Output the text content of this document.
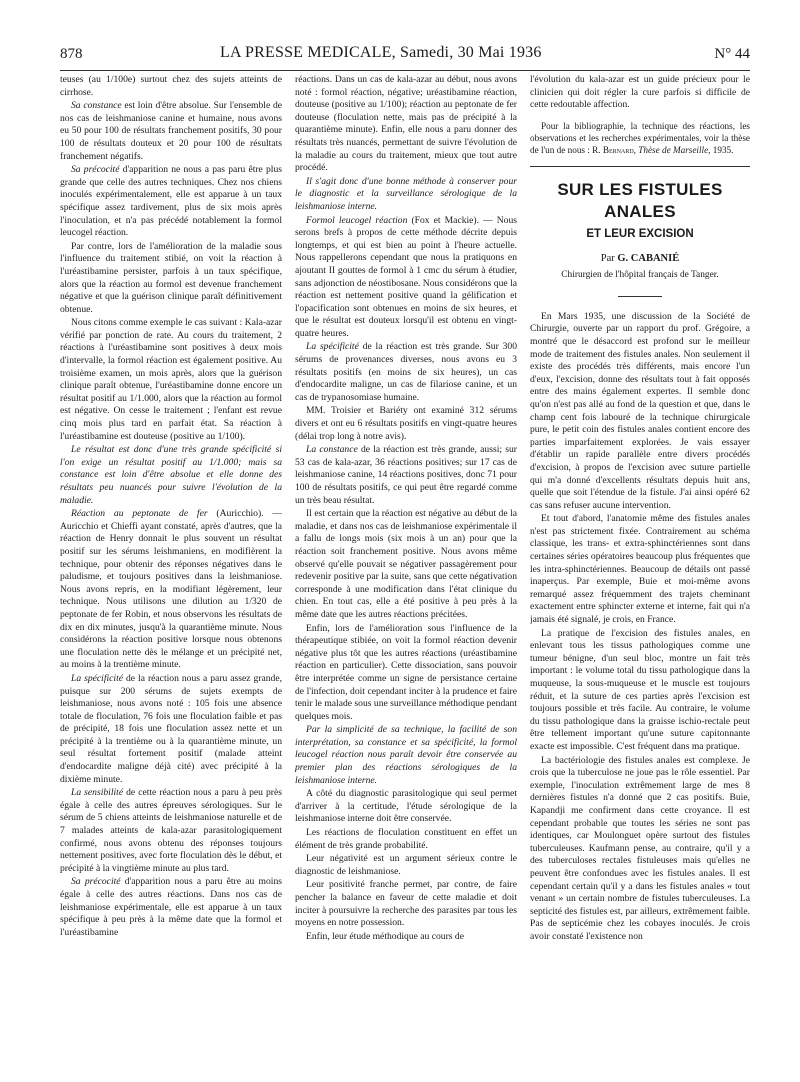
878	LA PRESSE MEDICALE, Samedi, 30 Mai 1936	N° 44

teuses (au 1/100e) surtout chez des sujets atteints de cirrhose.

Sa constance est loin d'être absolue. Sur l'ensemble de nos cas de leishmaniose canine et humaine, nous avons eu 50 pour 100 de résultats franchement positifs, 30 pour 100 de résultats douteux et 20 pour 100 de résultats franchement négatifs.

Sa précocité d'apparition ne nous a pas paru être plus grande que celle des autres techniques. Chez nos chiens inoculés expérimentalement, elle est apparue à un taux spécifique assez tardivement, plus de six mois après l'inoculation, et n'a pas précédé notablement la formol leucogel réaction.

Par contre, lors de l'amélioration de la maladie sous l'influence du traitement stibié, on voit la réaction à l'uréastibamine persister, parfois à un taux spécifique, alors que la réaction au formol est devenue franchement négative et que la guérison clinique paraît définitivement obtenue.

Nous citons comme exemple le cas suivant : Kala-azar vérifié par ponction de rate. Au cours du traitement, 2 réactions à l'uréastibamine sont positives à deux mois d'intervalle, la formol réaction est également positive. Au troisième examen, un mois après, alors que la guérison clinique paraît obtenue, l'uréastibamine donne encore un résultat positif au 1/1.000, alors que la réaction au formol est négative. On cesse le traitement ; l'enfant est revue cinq mois plus tard en parfait état. Sa réaction à l'uréastibamine est douteuse (positive au 1/100).

Le résultat est donc d'une très grande spécificité si l'on exige un résultat positif au 1/1.000; mais sa constance est loin d'être absolue et elle donne des résultats peu nuancés pour suivre l'évolution de la maladie.

Réaction au peptonate de fer (Auricchio). — Auricchio et Chieffi ayant constaté, après d'autres, que la réaction de Henry donnait le plus souvent un résultat positif sur les sérums leishmaniens, en modifièrent la technique, pour obtenir des réponses négatives dans le paludisme, et toujours positives dans la leishmaniose. Nous avons repris, en la modifiant légèrement, leur technique. Nous utilisons une dilution au 1/320 de peptonate de fer Robin, et nous observons les résultats de dix en dix minutes, jusqu'à la quarantième minute. Nous considérons la réaction positive lorsque nous obtenons une floculation nette dès le mélange et un précipité net, au moins à la trentième minute.

La spécificité de la réaction nous a paru assez grande, puisque sur 200 sérums de sujets exempts de leishmaniose, nous avons noté : 105 fois une absence totale de floculation, 76 fois une floculation faible et pas de précipité, 18 fois une floculation assez nette et un précipité à la trentième ou à la quarantième minute, un seul résultat fortement positif (malade atteint d'endocardite maligne déjà cité) avec précipité à la dixième minute.

La sensibilité de cette réaction nous a paru à peu près égale à celle des autres épreuves sérologiques. Sur le sérum de 5 chiens atteints de leishmaniose naturelle et de 7 malades atteints de kala-azar parasitologiquement confirmé, nous avons obtenu des réponses toujours nettement positives, avec forte floculation dès le début, et précipité à la vingtième minute au plus tard.

Sa précocité d'apparition nous a paru être au moins égale à celle des autres réactions. Dans nos cas de leishmaniose expérimentale, elle est apparue à un taux spécifique à peu près à la même date que la formol et l'uréastibamine

réactions. Dans un cas de kala-azar au début, nous avons noté : formol réaction, négative; uréastibamine réaction, douteuse (positive au 1/100); réaction au peptonate de fer douteuse (floculation nette, mais pas de précipité à la quarantième minute). Enfin, elle nous a paru donner des résultats très nuancés, permettant de suivre l'évolution de la maladie au cours du traitement, mieux que tout autre procédé.

Il s'agit donc d'une bonne méthode à conserver pour le diagnostic et la surveillance sérologique de la leishmaniose interne.

Formol leucogel réaction (Fox et Mackie). — Nous serons brefs à propos de cette méthode décrite depuis longtemps, et qui est bien au point à l'heure actuelle. Nous rappellerons cependant que nous la pratiquons en ajoutant II gouttes de formol à 1 cmc du sérum à étudier, sans adjonction de néostibosane. Nous considérons que la réaction est nettement positive quand la gélification et l'opacification sont obtenues en moins de six heures, et que le résultat est douteux lorsqu'il est obtenu en vingt-quatre heures.

La spécificité de la réaction est très grande. Sur 300 sérums de provenances diverses, nous avons eu 3 résultats positifs (en moins de six heures), un cas d'endocardite maligne, un cas de filariose canine, et un cas de trypanosomiase humaine.

MM. Troisier et Bariéty ont examiné 312 sérums divers et ont eu 6 résultats positifs en vingt-quatre heures (délai trop long à notre avis).

La constance de la réaction est très grande, aussi; sur 53 cas de kala-azar, 36 réactions positives; sur 17 cas de leishmaniose canine, 14 réactions positives, donc 71 pour 100 de résultats positifs, ce qui peut être regardé comme un très beau résultat.

Il est certain que la réaction est négative au début de la maladie, et dans nos cas de leishmaniose expérimentale il a fallu de longs mois (six mois à un an) pour que la réaction soit franchement positive. Nous avons même observé qu'elle pouvait se négativer passagèrement pour redevenir positive par la suite, sans que cette négativation corresponde à une modification dans l'état clinique du chien. En tout cas, elle a été positive à peu près à la même date que les autres réactions précitées.

Enfin, lors de l'amélioration sous l'influence de la thérapeutique stibiée, on voit la formol réaction devenir négative plus tôt que les autres réactions (uréastibamine réaction en particulier). Cette dissociation, sans pouvoir être interprétée comme un signe de persistance certaine de l'infection, doit cependant inciter à la prudence et faire tenir le malade sous une surveillance méthodique pendant quelques mois.

Par la simplicité de sa technique, la facilité de son interprétation, sa constance et sa spécificité, la formol leucogel réaction nous paraît devoir être conservée au premier plan des réactions sérologiques de la leishmaniose interne.

A côté du diagnostic parasitologique qui seul permet d'arriver à la certitude, l'étude sérologique de la leishmaniose interne doit être conservée.

Les réactions de floculation constituent en effet un élément de très grande probabilité.

Leur négativité est un argument sérieux contre le diagnostic de leishmaniose.

Leur positivité franche permet, par contre, de faire pencher la balance en faveur de cette maladie et doit inciter à poursuivre la recherche des parasites par tous les moyens en notre possession.

Enfin, leur étude méthodique au cours de

l'évolution du kala-azar est un guide précieux pour le clinicien qui doit régler la cure parfois si difficile de cette redoutable affection.

Pour la bibliographie, la technique des réactions, les observations et les recherches expérimentales, voir la thèse de l'un de nous : R. Bernard, Thèse de Marseille, 1935.

SUR LES FISTULES ANALES
ET LEUR EXCISION
Par G. CABANIÉ
Chirurgien de l'hôpital français de Tanger.

En Mars 1935, une discussion de la Société de Chirurgie, ouverte par un rapport du prof. Grégoire, a montré que le désaccord est profond sur le meilleur mode de traitement des fistules anales. Non seulement il existe des procédés très différents, mais encore l'un d'eux, l'excision, donne des résultats tout à fait opposés entre des mains également expertes. Il semble donc qu'on n'est pas allé au fond de la question et que, dans le champ cent fois labouré de la technique chirurgicale pure, le petit coin des fistules anales contient encore des parties imparfaitement explorées. Je vais essayer d'établir un rapide parallèle entre divers procédés d'excision, à propos de l'excision avec suture partielle qui m'a donné d'excellents résultats depuis huit ans, quelle que soit l'étendue de la fistule. J'ai ainsi opéré 62 cas sans refuser aucune intervention.

Et tout d'abord, l'anatomie même des fistules anales n'est pas strictement fixée. Contrairement au schéma classique, les trans- et extra-sphinctériennes sont dans certaines séries opératoires beaucoup plus fréquentes que les intra-sphinctériennes. Beaucoup de détails ont passé inaperçus. Par exemple, Buie et moi-même avons remarqué assez fréquemment des trajets cheminant exactement entre sphincter externe et interne, fait qui n'a jamais été signalé, je crois, en France.

La pratique de l'excision des fistules anales, en enlevant tous les tissus pathologiques comme une tumeur bénigne, d'un seul bloc, montre un fait très important : le volume total du tissu pathologique dans la muqueuse, la sous-muqueuse et le muscle est toujours réduit, et la suture de ces parties après l'excision est toujours possible et très facile. Au contraire, le volume du tissu pathologique dans la graisse ischio-rectale peut être tellement important qu'une suture capitonnante exacte est impossible. C'est fréquent dans ma pratique.

La bactériologie des fistules anales est complexe. Je crois que la tuberculose ne joue pas le rôle essentiel. Par exemple, l'inoculation extrêmement large de mes 8 dernières fistules n'a donné que 2 cas positifs. Buie, Kapandji me confirment dans cette croyance. Il est cependant probable que toutes les séries ne sont pas identiques, car Moulonguet opère surtout des fistules tuberculeuses. Kaufmann pense, au contraire, qu'il y a des tuberculoses rectales fistuleuses mais qu'elles ne peuvent être confondues avec les fistules anales. Il est cependant certain qu'il y a dans les fistules anales « tout venant » un certain nombre de fistules tuberculeuses. La septicité des fistules est, par ailleurs, extrêmement faible. Pas de septicémie chez les cobayes inoculés. Je crois avoir constaté l'existence non
